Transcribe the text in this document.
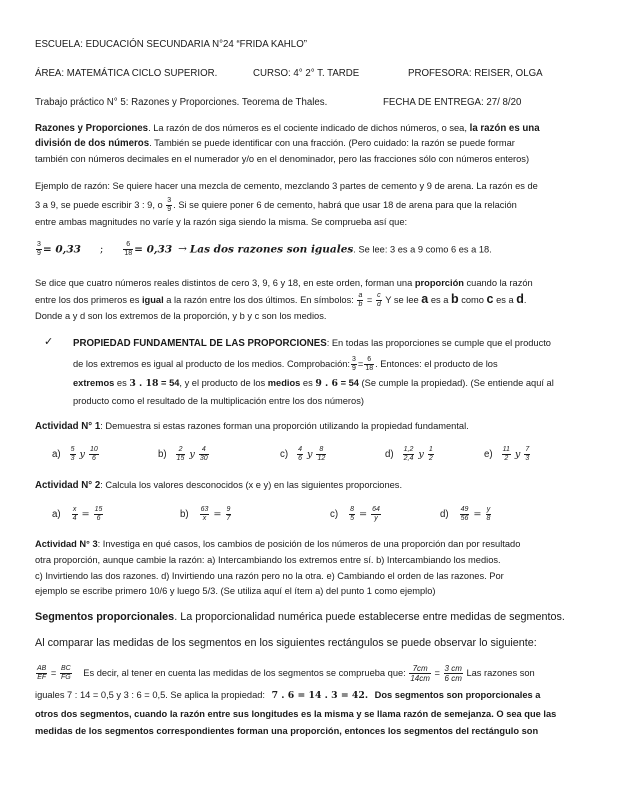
ESCUELA: EDUCACIÓN SECUNDARIA N°24 “FRIDA KAHLO”
ÁREA: MATEMÁTICA CICLO SUPERIOR.	CURSO: 4° 2° T. TARDE	PROFESORA: REISER, OLGA
Trabajo práctico N° 5: Razones y Proporciones. Teorema de Thales.	FECHA DE ENTREGA: 27/ 8/20
Razones y Proporciones. La razón de dos números es el cociente indicado de dichos números, o sea, la razón es una
división de dos números. También se puede identificar con una fracción. (Pero cuidado: la razón se puede formar
también con números decimales en el numerador y/o en el denominador, pero las fracciones sólo con números enteros)
Ejemplo de razón: Se quiere hacer una mezcla de cemento, mezclando 3 partes de cemento y 9 de arena. La razón es de
3 a 9, se puede escribir 3 : 9, o $\frac{3}{9}$ . Si se quiere poner 6 de cemento, habrá que usar 18 de arena para que la relación
entre ambas magnitudes no varíe y la razón siga siendo la misma. Se comprueba así que:
$\frac{3}{9} = 0,33$ ;	$\frac{6}{18} = 0,33$ → Las dos razones son iguales. Se lee: 3 es a 9 como 6 es a 18.
Se dice que cuatro números reales distintos de cero 3, 9, 6 y 18, en este orden, forman una proporción cuando la razón
entre los dos primeros es igual a la razón entre los dos últimos. En símbolos: $\frac{a}{b} = \frac{c}{d}$ Y se lee a es a b como c es a d.
Donde a y d son los extremos de la proporción, y b y c son los medios.
✓ PROPIEDAD FUNDAMENTAL DE LAS PROPORCIONES: En todas las proporciones se cumple que el producto
de los extremos es igual al producto de los medios. Comprobación: $\frac{3}{9} = \frac{6}{18}$ . Entonces: el producto de los
extremos es 3 . 18 = 54, y el producto de los medios es 9 . 6 = 54 (Se cumple la propiedad). (Se entiende aquí al
producto como el resultado de la multiplicación entre los dos números)
Actividad N° 1: Demuestra si estas razones forman una proporción utilizando la propiedad fundamental.
$a) \frac{5}{3}$ y $\frac{10}{6}$	$b) \frac{2}{15}$ y $\frac{4}{30}$	$c) \frac{4}{6}$ y $\frac{8}{12}$	$d) \frac{1,2}{2,4}$ y $\frac{1}{2}$	$e) \frac{11}{2}$ y $\frac{7}{3}$
Actividad N° 2: Calcula los valores desconocidos (x e y) en las siguientes proporciones.
$a) \frac{x}{4} = \frac{15}{6}$	$b) \frac{63}{x} = \frac{9}{7}$	$c) \frac{8}{5} = \frac{64}{y}$	$d) \frac{49}{56} = \frac{y}{8}$
Actividad N° 3: Investiga en qué casos, los cambios de posición de los números de una proporción dan por resultado
otra proporción, aunque cambie la razón: a) Intercambiando los extremos entre sí. b) Intercambiando los medios.
c) Invirtiendo las dos razones. d) Invirtiendo una razón pero no la otra. e) Cambiando el orden de las razones. Por
ejemplo se escribe primero 10/6 y luego 5/3. (Se utiliza aquí el ítem a) del punto 1 como ejemplo)
Segmentos proporcionales. La proporcionalidad numérica puede establecerse entre medidas de segmentos.
Al comparar las medidas de los segmentos en los siguientes rectángulos se puede observar lo siguiente:
$\frac{AB}{EF} = \frac{BC}{FG}$ Es decir, al tener en cuenta las medidas de los segmentos se comprueba que: $\frac{7cm}{14cm} = \frac{3 cm}{6 cm}$ Las razones son
iguales 7 : 14 = 0,5 y 3 : 6 = 0,5. Se aplica la propiedad: 7 . 6 = 14 . 3 = 42. Dos segmentos son proporcionales a
otros dos segmentos, cuando la razón entre sus longitudes es la misma y se llama razón de semejanza. O sea que las
medidas de los segmentos correspondientes forman una proporción, entonces los segmentos del rectángulo son
